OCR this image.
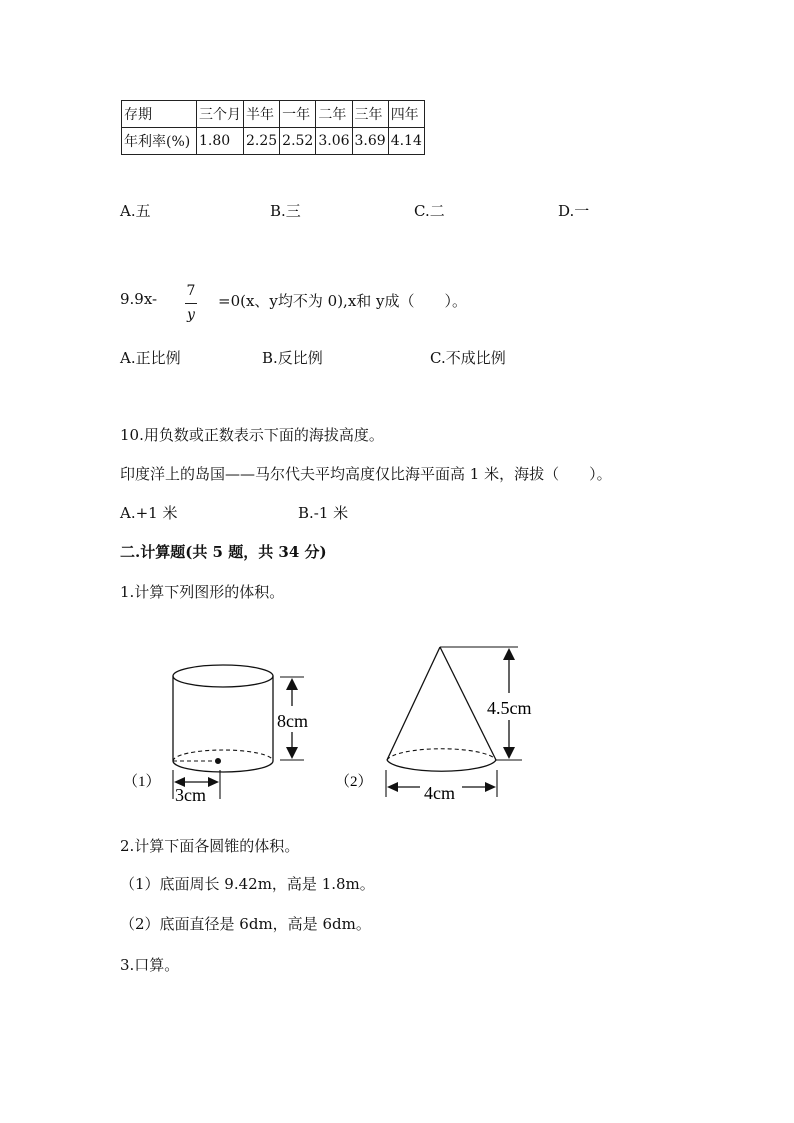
存期	三个月	半年	一年	二年	三年	四年
年利率(%)	1.80	2.25	2.52	3.06	3.69	4.14
A.五	B.三	C.二	D.一
9.9x-	7
y
=0(x、y均不为 0),x和 y成（　　）。
A.正比例	B.反比例	C.不成比例
10.用负数或正数表示下面的海拔高度。
印度洋上的岛国——马尔代夫平均高度仅比海平面高 1 米，海拔（　　）。
A.+1 米	B.-1 米
二.计算题(共 5 题，共 34 分)
1.计算下列图形的体积。
（1）
8cm
3cm
（2）
4.5cm
4cm
2.计算下面各圆锥的体积。
（1）底面周长 9.42m，高是 1.8m。
（2）底面直径是 6dm，高是 6dm。
3.口算。
